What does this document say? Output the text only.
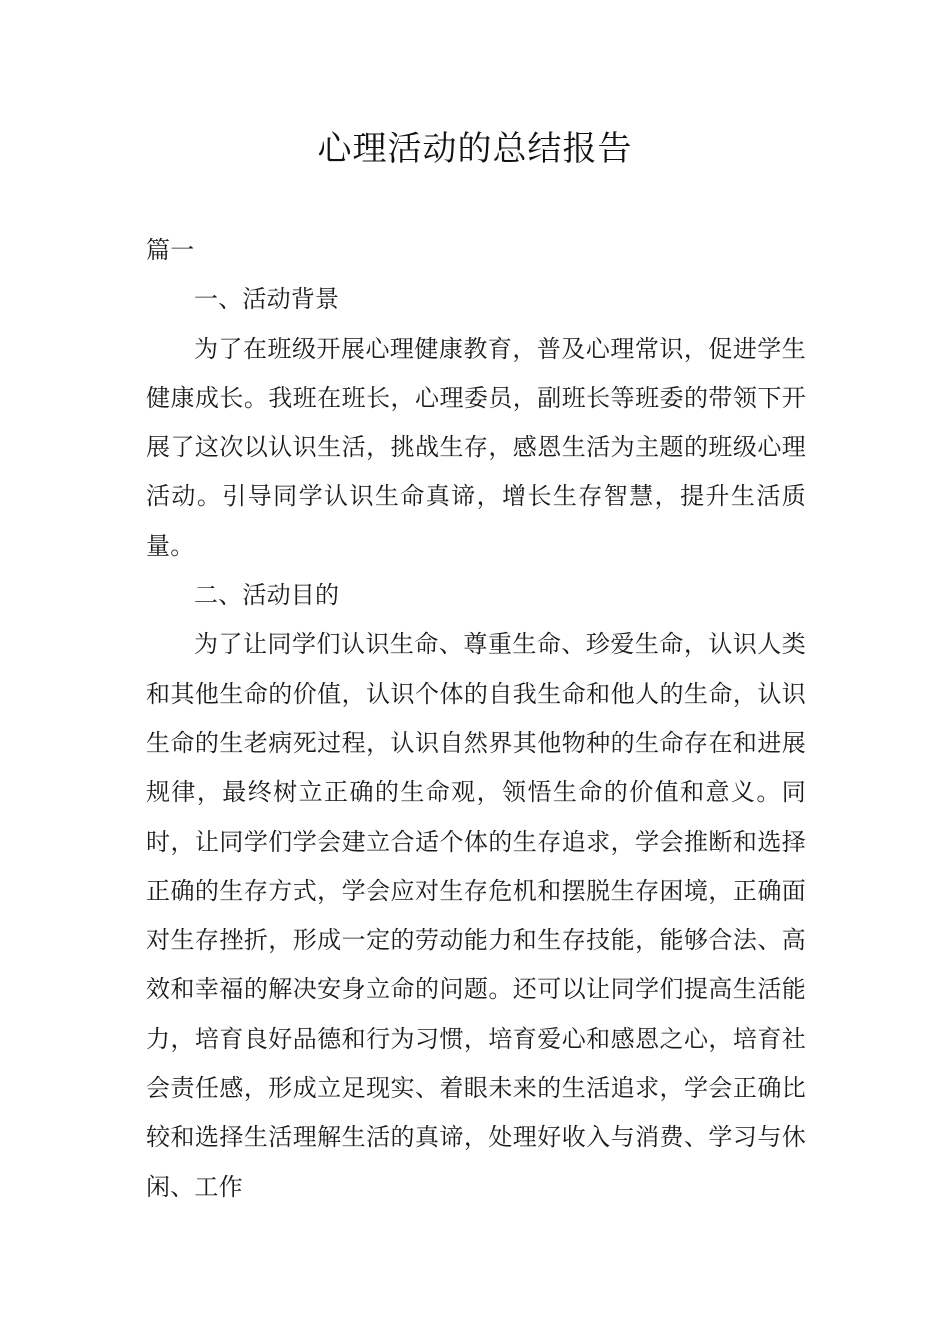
心理活动的总结报告

篇一

一、活动背景

为了在班级开展心理健康教育，普及心理常识，促进学生健康成长。我班在班长，心理委员，副班长等班委的带领下开展了这次以认识生活，挑战生存，感恩生活为主题的班级心理活动。引导同学认识生命真谛，增长生存智慧，提升生活质量。

二、活动目的

为了让同学们认识生命、尊重生命、珍爱生命，认识人类和其他生命的价值，认识个体的自我生命和他人的生命，认识生命的生老病死过程，认识自然界其他物种的生命存在和进展规律，最终树立正确的生命观，领悟生命的价值和意义。同时，让同学们学会建立合适个体的生存追求，学会推断和选择正确的生存方式，学会应对生存危机和摆脱生存困境，正确面对生存挫折，形成一定的劳动能力和生存技能，能够合法、高效和幸福的解决安身立命的问题。还可以让同学们提高生活能力，培育良好品德和行为习惯，培育爱心和感恩之心，培育社会责任感，形成立足现实、着眼未来的生活追求，学会正确比较和选择生活理解生活的真谛，处理好收入与消费、学习与休闲、工作
